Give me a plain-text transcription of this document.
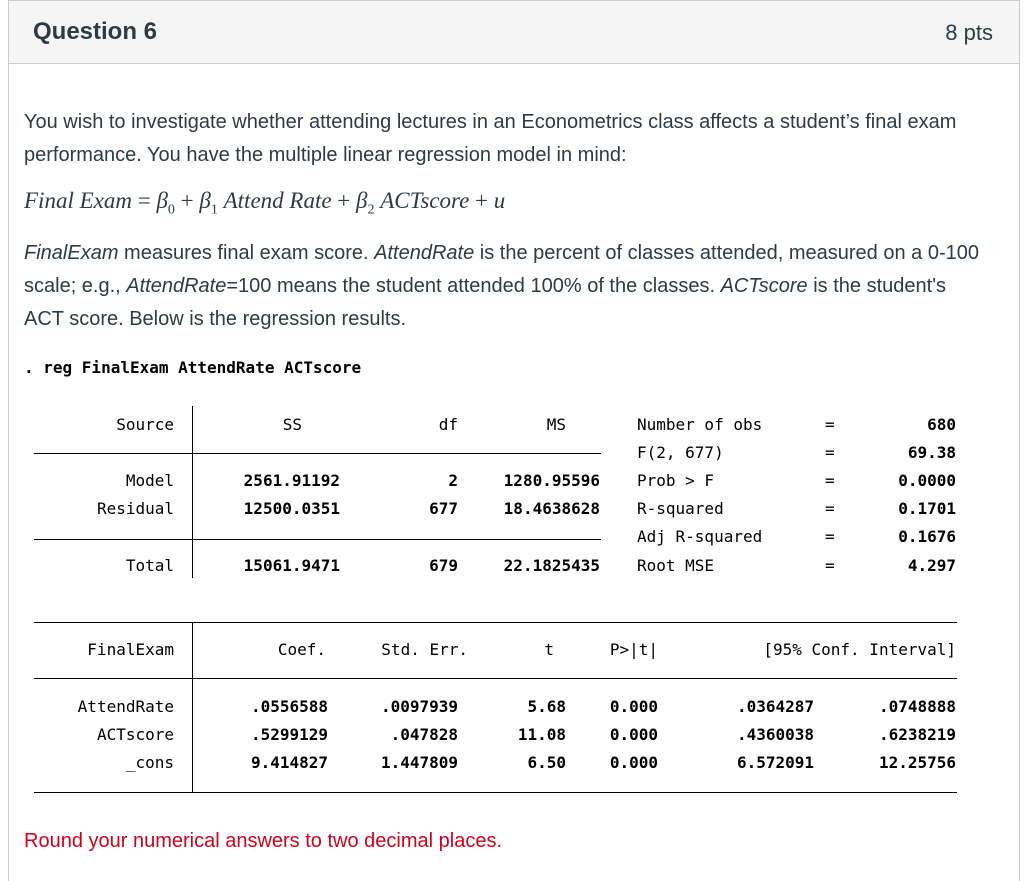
Question 6	8 pts
You wish to investigate whether attending lectures in an Econometrics class affects a student’s final exam performance. You have the multiple linear regression model in mind:
Final Exam = $\beta_0 + \beta_1$ Attend Rate + $\beta_2$ ACTscore + u
FinalExam measures final exam score. AttendRate is the percent of classes attended, measured on a 0-100 scale; e.g., AttendRate=100 means the student attended 100% of the classes. ACTscore is the student's ACT score. Below is the regression results.
. reg FinalExam AttendRate ACTscore
Source	SS	df	MS
Model	2561.91192	2	1280.95596
Residual	12500.0351	677	18.4638628
Total	15061.9471	679	22.1825435
Number of obs	=	680
F(2, 677)	=	69.38
Prob > F	=	0.0000
R-squared	=	0.1701
Adj R-squared	=	0.1676
Root MSE	=	4.297
FinalExam	Coef.	Std. Err.	t	P>|t|	[95% Conf. Interval]
AttendRate	.0556588	.0097939	5.68	0.000	.0364287	.0748888
ACTscore	.5299129	.047828	11.08	0.000	.4360038	.6238219
_cons	9.414827	1.447809	6.50	0.000	6.572091	12.25756
Round your numerical answers to two decimal places.
